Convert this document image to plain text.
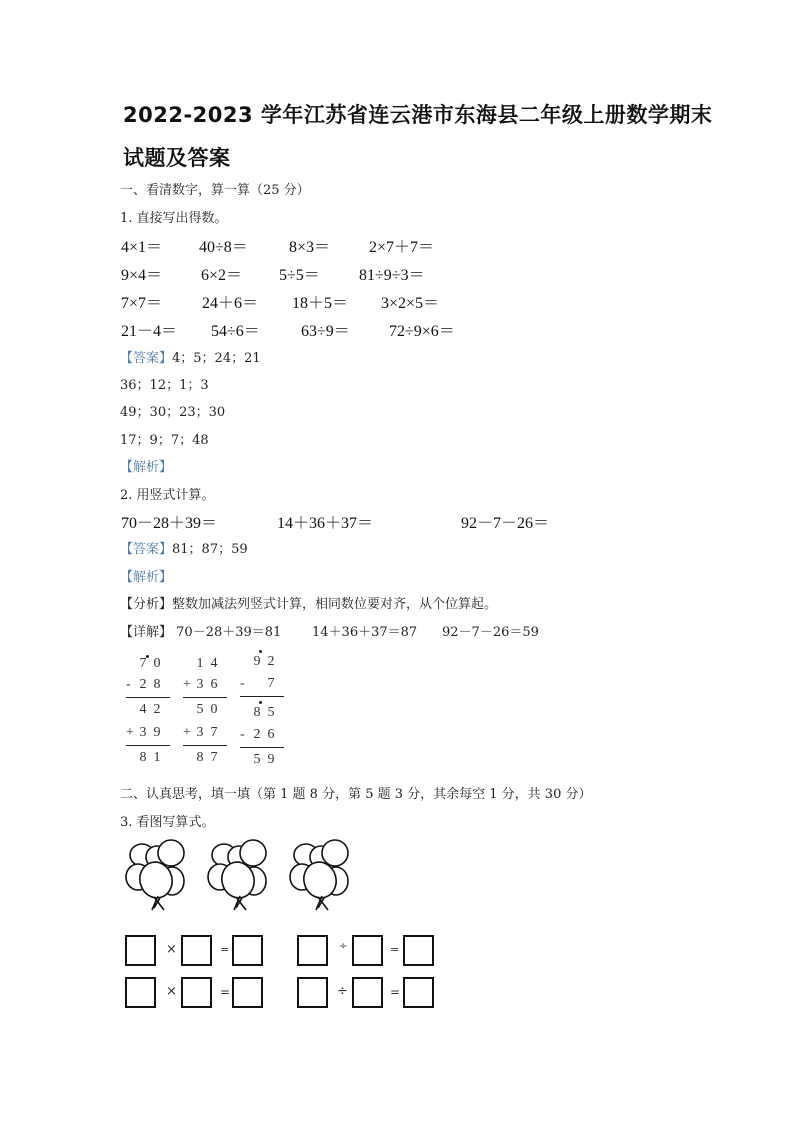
2022-2023 学年江苏省连云港市东海县二年级上册数学期末
试题及答案
一、看清数字，算一算（25 分）
1. 直接写出得数。
4×1＝ 40÷8＝	8×3＝ 2×7＋7＝
9×4＝ 6×2＝ 5÷5＝ 81÷9÷3＝
7×7＝ 24＋6＝ 18＋5＝ 3×2×5＝
21－4＝ 54÷6＝	63÷9＝ 72÷9×6＝
【答案】4；5；24；21
36；12；1；3
49；30；23；30
17；9；7；48
【解析】
2. 用竖式计算。
70－28＋39＝	14＋36＋37＝	92－7－26＝
【答案】81；87；59
【解析】
【分析】整数加减法列竖式计算，相同数位要对齐，从个位算起。
【详解】 70－28＋39＝81 14＋36＋37＝87 92－7－26＝59
7 0
- 2 8
4 2
+ 3 9
8 1
1 4
+ 3 6
5 0
+ 3 7
8 7
9 2
- 7
8 5
- 2 6
5 9
二、认真思考，填一填（第 1 题 8 分，第 5 题 3 分，其余每空 1 分，共 30 分）
3. 看图写算式。
×	=	÷	=
×	=	÷	=
